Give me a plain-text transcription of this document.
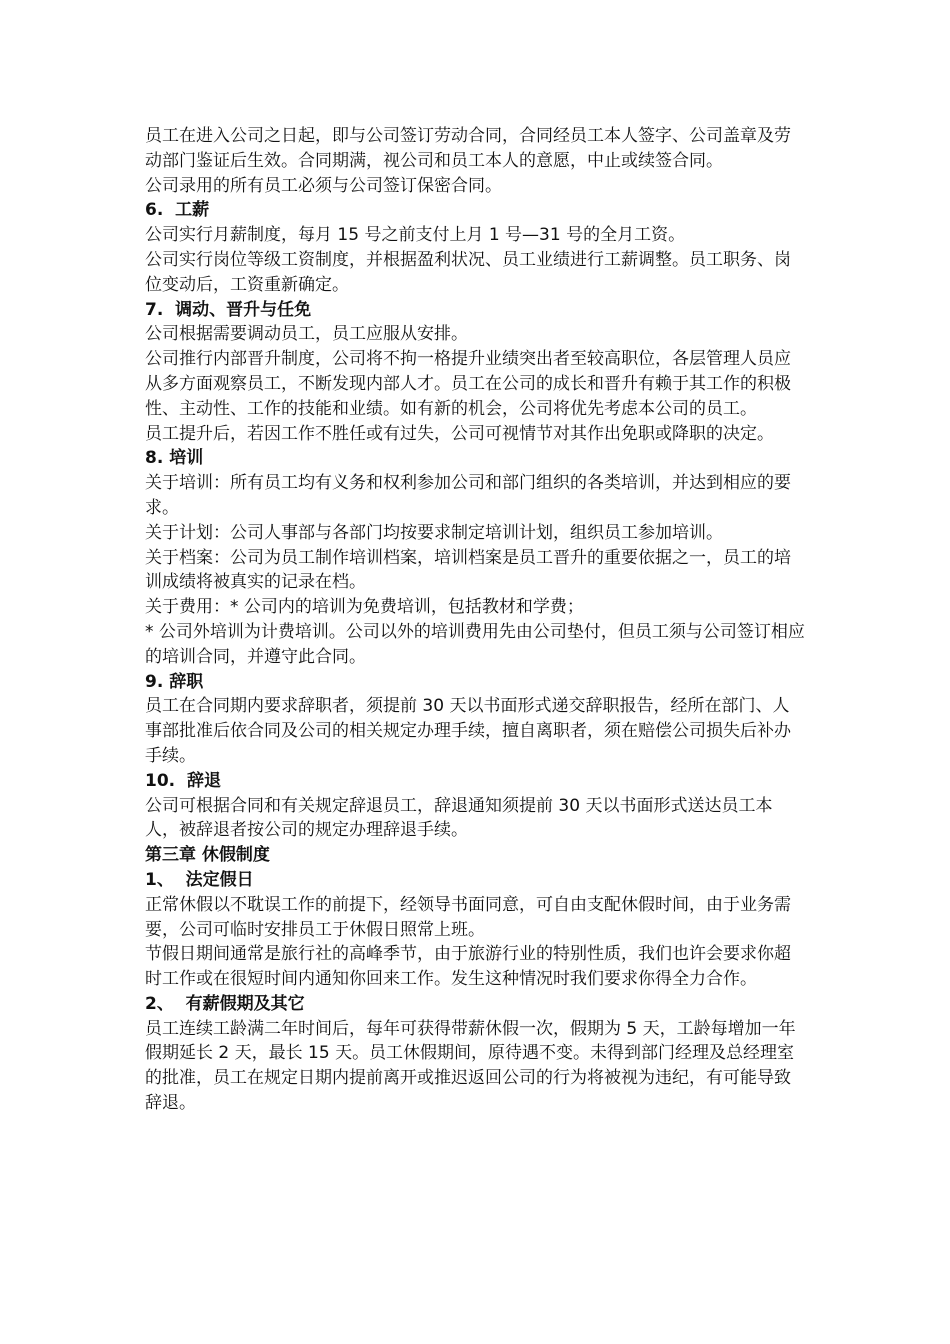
员工在进入公司之日起，即与公司签订劳动合同，合同经员工本人签字、公司盖章及劳动部门鉴证后生效。合同期满，视公司和员工本人的意愿，中止或续签合同。

公司录用的所有员工必须与公司签订保密合同。

6.  工薪

公司实行月薪制度，每月 15 号之前支付上月 1 号—31 号的全月工资。

公司实行岗位等级工资制度，并根据盈利状况、员工业绩进行工薪调整。员工职务、岗位变动后，工资重新确定。

7.  调动、晋升与任免

公司根据需要调动员工，员工应服从安排。

公司推行内部晋升制度，公司将不拘一格提升业绩突出者至较高职位，各层管理人员应从多方面观察员工，不断发现内部人才。员工在公司的成长和晋升有赖于其工作的积极性、主动性、工作的技能和业绩。如有新的机会，公司将优先考虑本公司的员工。

员工提升后，若因工作不胜任或有过失，公司可视情节对其作出免职或降职的决定。

8. 培训

关于培训：所有员工均有义务和权利参加公司和部门组织的各类培训，并达到相应的要求。

关于计划：公司人事部与各部门均按要求制定培训计划，组织员工参加培训。

关于档案：公司为员工制作培训档案，培训档案是员工晋升的重要依据之一，员工的培训成绩将被真实的记录在档。

关于费用：* 公司内的培训为免费培训，包括教材和学费；

* 公司外培训为计费培训。公司以外的培训费用先由公司垫付，但员工须与公司签订相应的培训合同，并遵守此合同。

9. 辞职

员工在合同期内要求辞职者，须提前 30 天以书面形式递交辞职报告，经所在部门、人事部批准后依合同及公司的相关规定办理手续，擅自离职者，须在赔偿公司损失后补办手续。

10.  辞退

公司可根据合同和有关规定辞退员工，辞退通知须提前 30 天以书面形式送达员工本人，被辞退者按公司的规定办理辞退手续。

第三章 休假制度

1、  法定假日

正常休假以不耽误工作的前提下，经领导书面同意，可自由支配休假时间，由于业务需要，公司可临时安排员工于休假日照常上班。

节假日期间通常是旅行社的高峰季节，由于旅游行业的特别性质，我们也许会要求你超时工作或在很短时间内通知你回来工作。发生这种情况时我们要求你得全力合作。

2、  有薪假期及其它

员工连续工龄满二年时间后，每年可获得带薪休假一次，假期为 5 天，工龄每增加一年假期延长 2 天，最长 15 天。员工休假期间，原待遇不变。未得到部门经理及总经理室的批准，员工在规定日期内提前离开或推迟返回公司的行为将被视为违纪，有可能导致辞退。
